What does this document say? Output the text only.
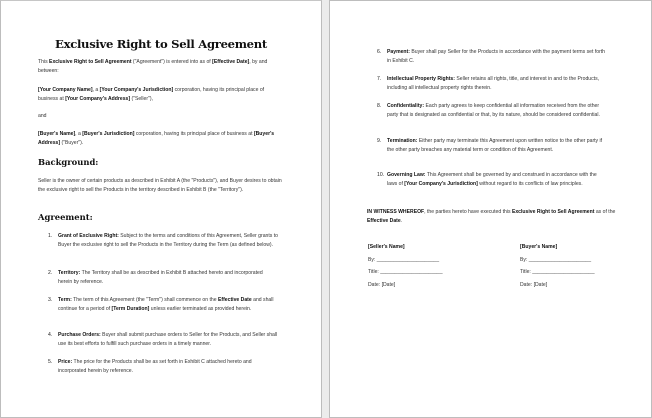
Exclusive Right to Sell Agreement
This Exclusive Right to Sell Agreement ("Agreement") is entered into as of [Effective Date], by and between:
[Your Company Name], a [Your Company's Jurisdiction] corporation, having its principal place of business at [Your Company's Address] ("Seller"),
and
[Buyer's Name], a [Buyer's Jurisdiction] corporation, having its principal place of business at [Buyer's Address] ("Buyer").
Background:
Seller is the owner of certain products as described in Exhibit A (the "Products"), and Buyer desires to obtain the exclusive right to sell the Products in the territory described in Exhibit B (the "Territory").
Agreement:
1. Grant of Exclusive Right: Subject to the terms and conditions of this Agreement, Seller grants to Buyer the exclusive right to sell the Products in the Territory during the Term (as defined below).
2. Territory: The Territory shall be as described in Exhibit B attached hereto and incorporated herein by reference.
3. Term: The term of this Agreement (the "Term") shall commence on the Effective Date and shall continue for a period of [Term Duration] unless earlier terminated as provided herein.
4. Purchase Orders: Buyer shall submit purchase orders to Seller for the Products, and Seller shall use its best efforts to fulfill such purchase orders in a timely manner.
5. Price: The price for the Products shall be as set forth in Exhibit C attached hereto and incorporated herein by reference.
6. Payment: Buyer shall pay Seller for the Products in accordance with the payment terms set forth in Exhibit C.
7. Intellectual Property Rights: Seller retains all rights, title, and interest in and to the Products, including all intellectual property rights therein.
8. Confidentiality: Each party agrees to keep confidential all information received from the other party that is designated as confidential or that, by its nature, should be considered confidential.
9. Termination: Either party may terminate this Agreement upon written notice to the other party if the other party breaches any material term or condition of this Agreement.
10. Governing Law: This Agreement shall be governed by and construed in accordance with the laws of [Your Company's Jurisdiction] without regard to its conflicts of law principles.
IN WITNESS WHEREOF, the parties hereto have executed this Exclusive Right to Sell Agreement as of the Effective Date.
[Seller's Name]
By: ______________________
Title: ______________________
Date: [Date]
[Buyer's Name]
By: ______________________
Title: ______________________
Date: [Date]
